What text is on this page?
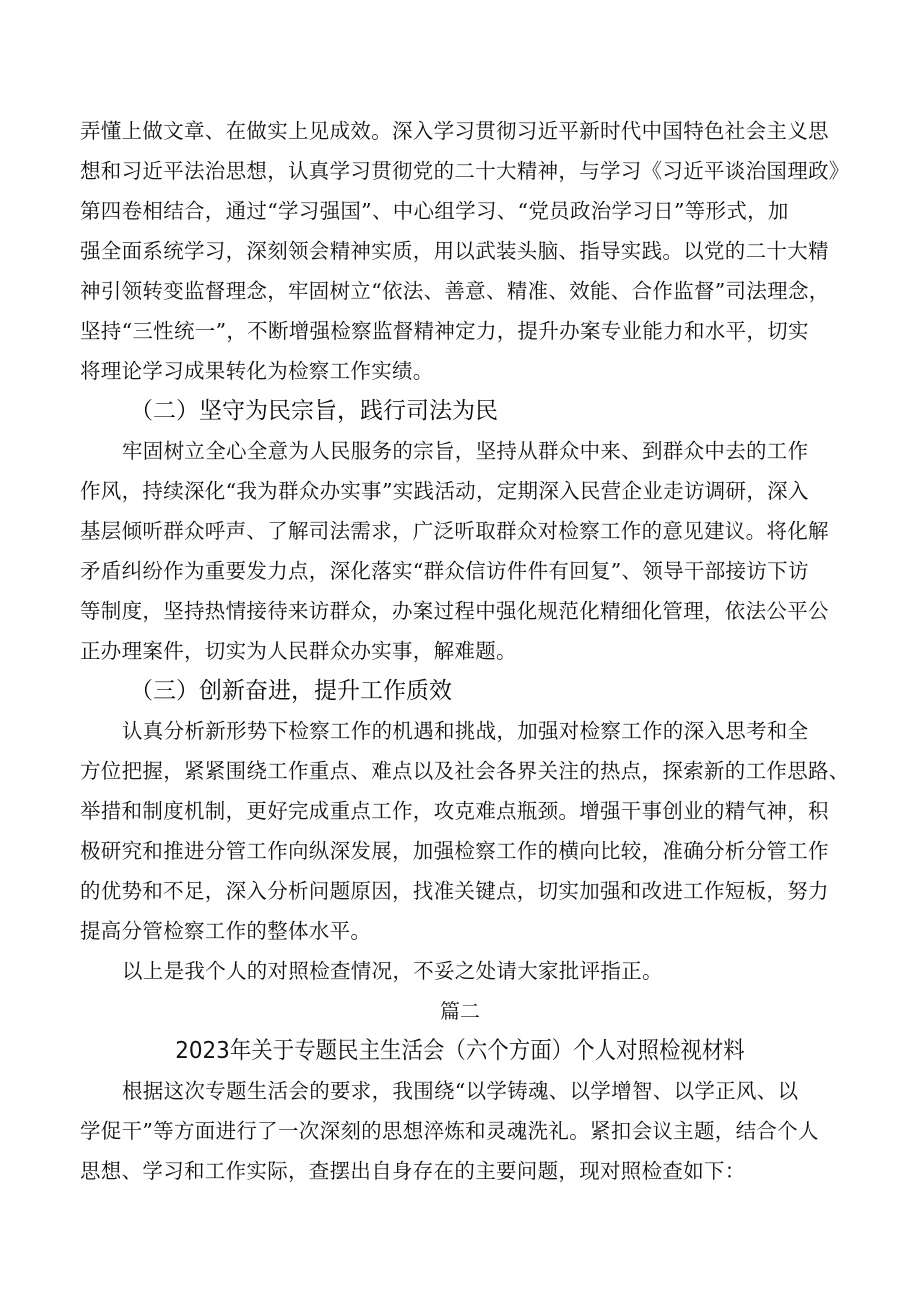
弄懂上做文章、在做实上见成效。深入学习贯彻习近平新时代中国特色社会主义思
想和习近平法治思想，认真学习贯彻党的二十大精神，与学习《习近平谈治国理政》
第四卷相结合，通过“学习强国”、中心组学习、“党员政治学习日”等形式，加
强全面系统学习，深刻领会精神实质，用以武装头脑、指导实践。以党的二十大精
神引领转变监督理念，牢固树立“依法、善意、精准、效能、合作监督”司法理念，
坚持“三性统一”，不断增强检察监督精神定力，提升办案专业能力和水平，切实
将理论学习成果转化为检察工作实绩。
（二）坚守为民宗旨，践行司法为民
牢固树立全心全意为人民服务的宗旨，坚持从群众中来、到群众中去的工作
作风，持续深化“我为群众办实事”实践活动，定期深入民营企业走访调研，深入
基层倾听群众呼声、了解司法需求，广泛听取群众对检察工作的意见建议。将化解
矛盾纠纷作为重要发力点，深化落实“群众信访件件有回复”、领导干部接访下访
等制度，坚持热情接待来访群众，办案过程中强化规范化精细化管理，依法公平公
正办理案件，切实为人民群众办实事，解难题。
（三）创新奋进，提升工作质效
认真分析新形势下检察工作的机遇和挑战，加强对检察工作的深入思考和全
方位把握，紧紧围绕工作重点、难点以及社会各界关注的热点，探索新的工作思路、
举措和制度机制，更好完成重点工作，攻克难点瓶颈。增强干事创业的精气神，积
极研究和推进分管工作向纵深发展，加强检察工作的横向比较，准确分析分管工作
的优势和不足，深入分析问题原因，找准关键点，切实加强和改进工作短板，努力
提高分管检察工作的整体水平。
以上是我个人的对照检查情况，不妥之处请大家批评指正。
篇二
2023年关于专题民主生活会（六个方面）个人对照检视材料
根据这次专题生活会的要求，我围绕“以学铸魂、以学增智、以学正风、以
学促干”等方面进行了一次深刻的思想淬炼和灵魂洗礼。紧扣会议主题，结合个人
思想、学习和工作实际，查摆出自身存在的主要问题，现对照检查如下：
